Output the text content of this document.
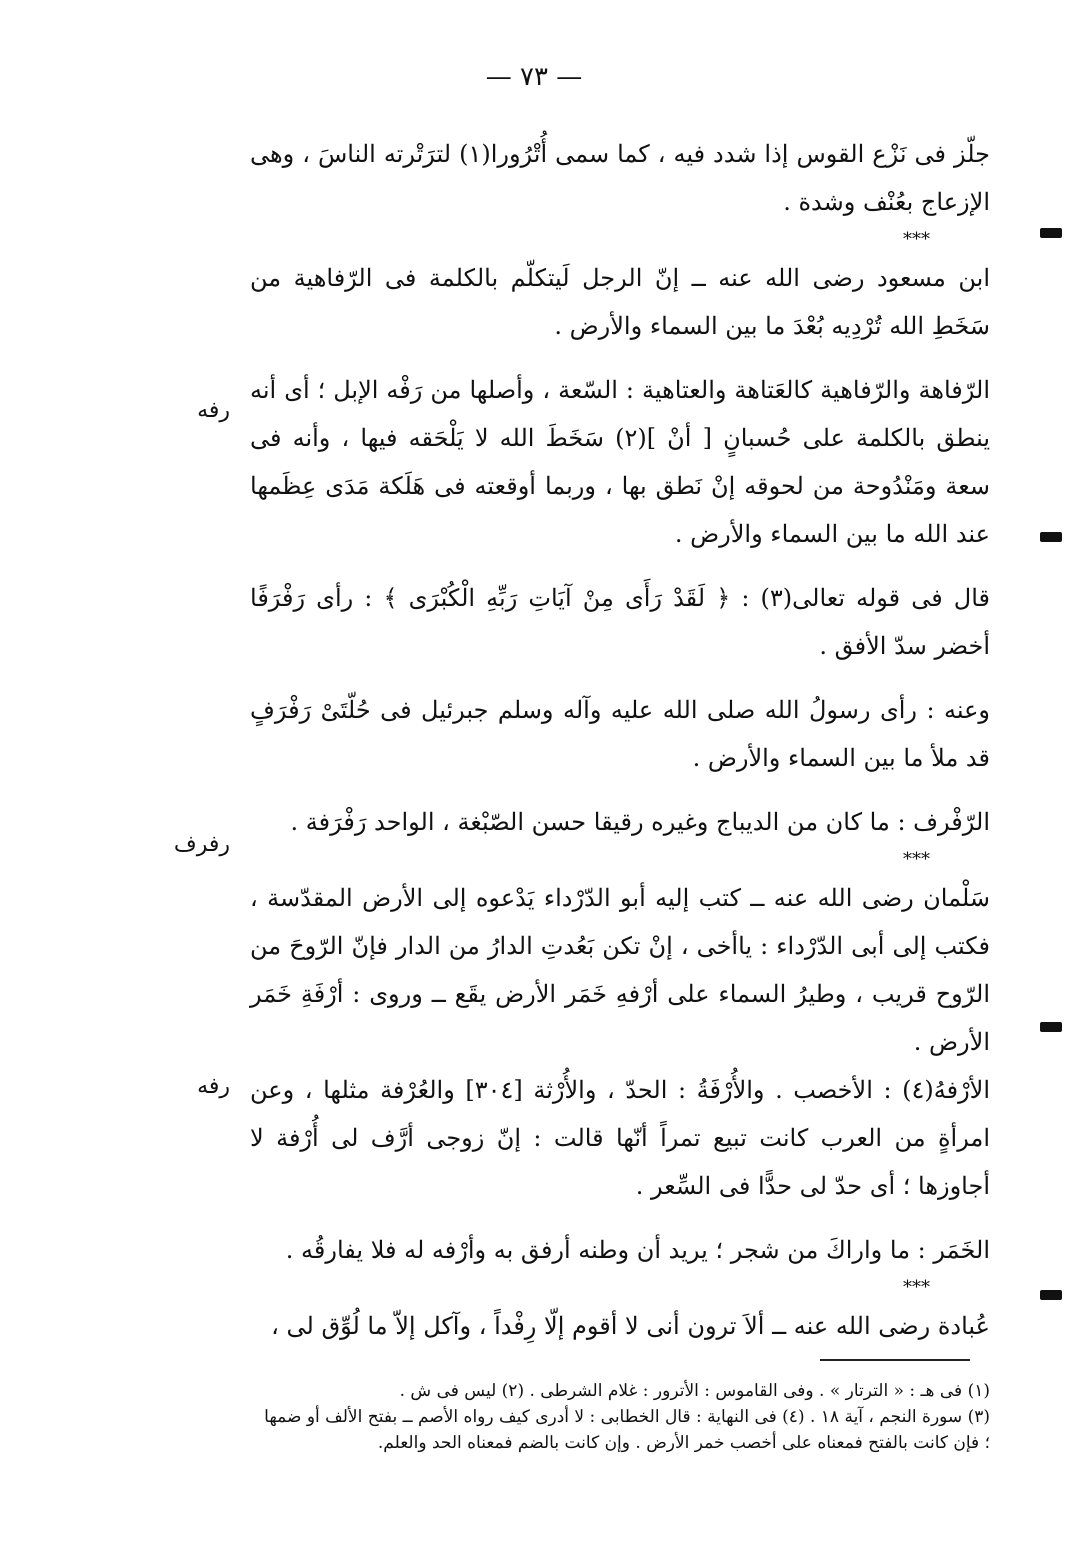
— ٧٣ —

جلّز فى نَزْع القوس إذا شدد فيه ، كما سمى أُتْرُورا(١) لترَتْرته الناسَ ، وهى الإزعاج بعُنْف وشدة .

***

ابن مسعود رضى الله عنه ــ إنّ الرجل لَيتكلّم بالكلمة فى الرّفاهية من سَخَطِ الله تُرْدِيه بُعْدَ ما بين السماء والأرض .

الرّفاهة والرّفاهية كالعَتاهة والعتاهية : السّعة ، وأصلها من رَفْه الإبل ؛ أى أنه ينطق بالكلمة على حُسبانٍ [ أنْ ](٢) سَخَطَ الله لا يَلْحَقه فيها ، وأنه فى سعة ومَنْدُوحة من لحوقه إنْ نَطق بها ، وربما أوقعته فى هَلَكة مَدَى عِظَمها عند الله ما بين السماء والأرض .

قال فى قوله تعالى(٣) : ﴿ لَقَدْ رَأَى مِنْ آيَاتِ رَبِّهِ الْكُبْرَى ﴾ : رأى رَفْرَفًا أخضر سدّ الأفق .

وعنه : رأى رسولُ الله صلى الله عليه وآله وسلم جبرئيل فى حُلّتَىْ رَفْرَفٍ قد ملأ ما بين السماء والأرض .

الرّفْرف : ما كان من الديباج وغيره رقيقا حسن الصّبْغة ، الواحد رَفْرَفة .

***

سَلْمان رضى الله عنه ــ كتب إليه أبو الدّرْداء يَدْعوه إلى الأرض المقدّسة ، فكتب إلى أبى الدّرْداء : ياأخى ، إنْ تكن بَعُدتِ الدارُ من الدار فإنّ الرّوحَ من الرّوح قريب ، وطيرُ السماء على أرْفهِ خَمَر الأرض يقَع ــ وروى : أرْفَةِ خَمَر الأرض .

الأرْفهُ(٤) : الأخصب . والأُرْفَةُ : الحدّ ، والأُرْثة [٣٠٤] والعُرْفة مثلها ، وعن امرأةٍ من العرب كانت تبيع تمراً أنّها قالت : إنّ زوجى أرَّف لى أُرْفة لا أجاوزها ؛ أى حدّ لى حدًّا فى السِّعر .

الخَمَر : ما واراكَ من شجر ؛ يريد أن وطنه أرفق به وأرْفه له فلا يفارقُه .

***

عُبادة رضى الله عنه ــ ألاَ ترون أنى لا أقوم إلّا رِفْداً ، وآكل إلاّ ما لُوِّق لى ،

رفه
رفرف
رفه

(١) فى هـ : « الترتار » . وفى القاموس : الأترور : غلام الشرطى . (٢) ليس فى ش .

(٣) سورة النجم ، آية ١٨ . (٤) فى النهاية : قال الخطابى : لا أدرى كيف رواه الأصم ــ بفتح الألف أو ضمها ؛ فإن كانت بالفتح فمعناه على أخصب خمر الأرض . وإن كانت بالضم فمعناه الحد والعلم.
